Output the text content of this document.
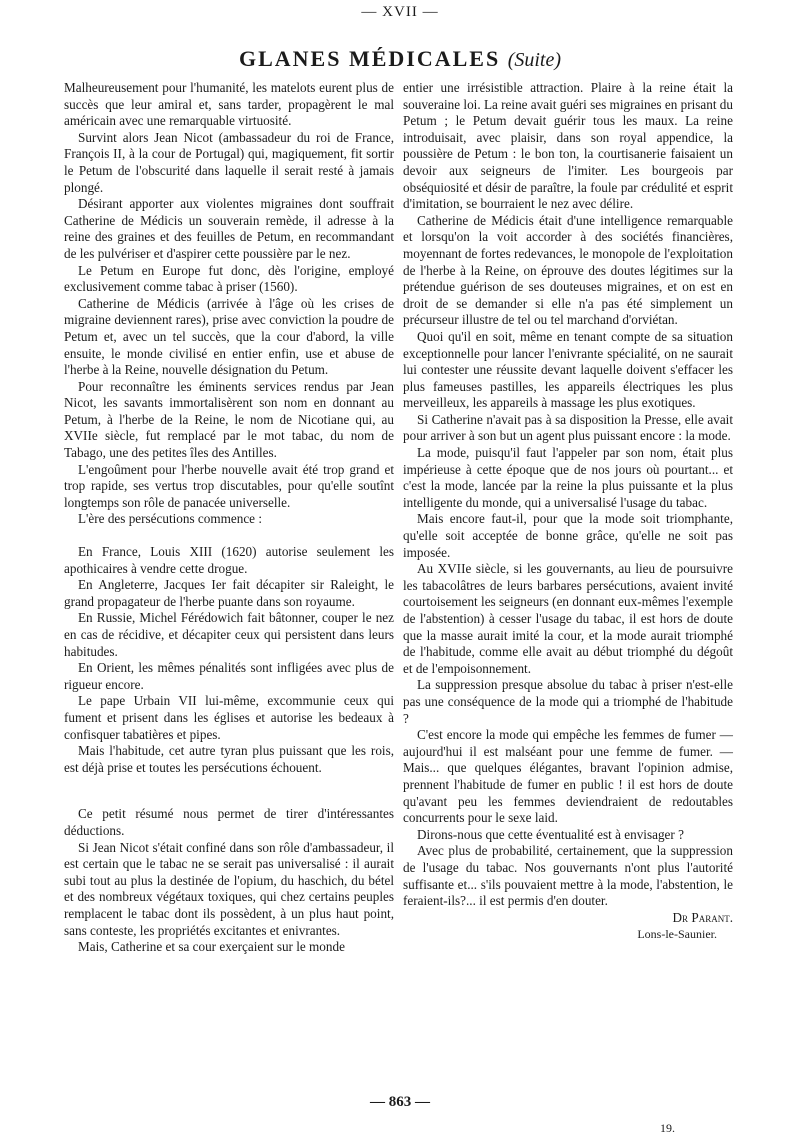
— XVII —
GLANES MÉDICALES (Suite)

Malheureusement pour l'humanité, les matelots eurent plus de succès que leur amiral et, sans tarder, propagèrent le mal américain avec une remarquable virtuosité.

Survint alors Jean Nicot (ambassadeur du roi de France, François II, à la cour de Portugal) qui, magiquement, fit sortir le Petum de l'obscurité dans laquelle il serait resté à jamais plongé.

Désirant apporter aux violentes migraines dont souffrait Catherine de Médicis un souverain remède, il adresse à la reine des graines et des feuilles de Petum, en recommandant de les pulvériser et d'aspirer cette poussière par le nez.

Le Petum en Europe fut donc, dès l'origine, employé exclusivement comme tabac à priser (1560).

Catherine de Médicis (arrivée à l'âge où les crises de migraine deviennent rares), prise avec conviction la poudre de Petum et, avec un tel succès, que la cour d'abord, la ville ensuite, le monde civilisé en entier enfin, use et abuse de l'herbe à la Reine, nouvelle désignation du Petum.

Pour reconnaître les éminents services rendus par Jean Nicot, les savants immortalisèrent son nom en donnant au Petum, à l'herbe de la Reine, le nom de Nicotiane qui, au XVIIe siècle, fut remplacé par le mot tabac, du nom de Tabago, une des petites îles des Antilles.

L'engoûment pour l'herbe nouvelle avait été trop grand et trop rapide, ses vertus trop discutables, pour qu'elle soutînt longtemps son rôle de panacée universelle.

L'ère des persécutions commence :

En France, Louis XIII (1620) autorise seulement les apothicaires à vendre cette drogue.

En Angleterre, Jacques Ier fait décapiter sir Raleight, le grand propagateur de l'herbe puante dans son royaume.

En Russie, Michel Férédowich fait bâtonner, couper le nez en cas de récidive, et décapiter ceux qui persistent dans leurs habitudes.

En Orient, les mêmes pénalités sont infligées avec plus de rigueur encore.

Le pape Urbain VII lui-même, excommunie ceux qui fument et prisent dans les églises et autorise les bedeaux à confisquer tabatières et pipes.

Mais l'habitude, cet autre tyran plus puissant que les rois, est déjà prise et toutes les persécutions échouent.

Ce petit résumé nous permet de tirer d'intéressantes déductions.

Si Jean Nicot s'était confiné dans son rôle d'ambassadeur, il est certain que le tabac ne se serait pas universalisé : il aurait subi tout au plus la destinée de l'opium, du haschich, du bétel et des nombreux végétaux toxiques, qui chez certains peuples remplacent le tabac dont ils possèdent, à un plus haut point, sans conteste, les propriétés excitantes et enivrantes.

Mais, Catherine et sa cour exerçaient sur le monde

entier une irrésistible attraction. Plaire à la reine était la souveraine loi. La reine avait guéri ses migraines en prisant du Petum ; le Petum devait guérir tous les maux. La reine introduisait, avec plaisir, dans son royal appendice, la poussière de Petum : le bon ton, la courtisanerie faisaient un devoir aux seigneurs de l'imiter. Les bourgeois par obséquiosité et désir de paraître, la foule par crédulité et esprit d'imitation, se bourraient le nez avec délire.

Catherine de Médicis était d'une intelligence remarquable et lorsqu'on la voit accorder à des sociétés financières, moyennant de fortes redevances, le monopole de l'exploitation de l'herbe à la Reine, on éprouve des doutes légitimes sur la prétendue guérison de ses douteuses migraines, et on est en droit de se demander si elle n'a pas été simplement un précurseur illustre de tel ou tel marchand d'orviétan.

Quoi qu'il en soit, même en tenant compte de sa situation exceptionnelle pour lancer l'enivrante spécialité, on ne saurait lui contester une réussite devant laquelle doivent s'effacer les plus fameuses pastilles, les appareils électriques les plus merveilleux, les appareils à massage les plus exotiques.

Si Catherine n'avait pas à sa disposition la Presse, elle avait pour arriver à son but un agent plus puissant encore : la mode.

La mode, puisqu'il faut l'appeler par son nom, était plus impérieuse à cette époque que de nos jours où pourtant... et c'est la mode, lancée par la reine la plus puissante et la plus intelligente du monde, qui a universalisé l'usage du tabac.

Mais encore faut-il, pour que la mode soit triomphante, qu'elle soit acceptée de bonne grâce, qu'elle ne soit pas imposée.

Au XVIIe siècle, si les gouvernants, au lieu de poursuivre les tabacolâtres de leurs barbares persécutions, avaient invité courtoisement les seigneurs (en donnant eux-mêmes l'exemple de l'abstention) à cesser l'usage du tabac, il est hors de doute que la masse aurait imité la cour, et la mode aurait triomphé de l'habitude, comme elle avait au début triomphé du dégoût et de l'empoisonnement.

La suppression presque absolue du tabac à priser n'est-elle pas une conséquence de la mode qui a triomphé de l'habitude ?

C'est encore la mode qui empêche les femmes de fumer — aujourd'hui il est malséant pour une femme de fumer. — Mais... que quelques élégantes, bravant l'opinion admise, prennent l'habitude de fumer en public ! il est hors de doute qu'avant peu les femmes deviendraient de redoutables concurrents pour le sexe laid.

Dirons-nous que cette éventualité est à envisager ?

Avec plus de probabilité, certainement, que la suppression de l'usage du tabac. Nos gouvernants n'ont plus l'autorité suffisante et... s'ils pouvaient mettre à la mode, l'abstention, le feraient-ils?... il est permis d'en douter.

Dr Parant.

Lons-le-Saunier.

— 863 —
19.
